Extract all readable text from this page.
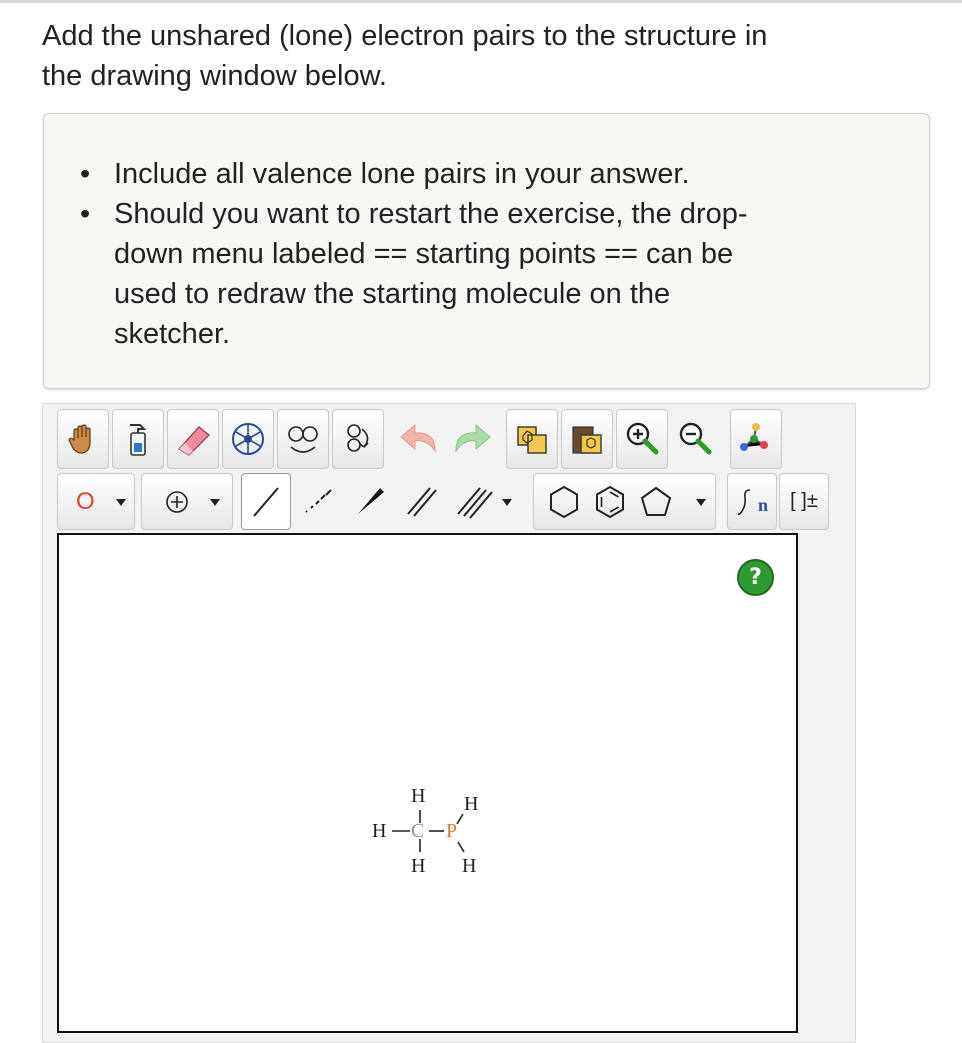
Add the unshared (lone) electron pairs to the structure in
the drawing window below.
• Include all valence lone pairs in your answer.
• Should you want to restart the exercise, the drop-
down menu labeled == starting points == can be
used to redraw the starting molecule on the
sketcher.
O	n [ ]±
?
H H
H C P
H H
